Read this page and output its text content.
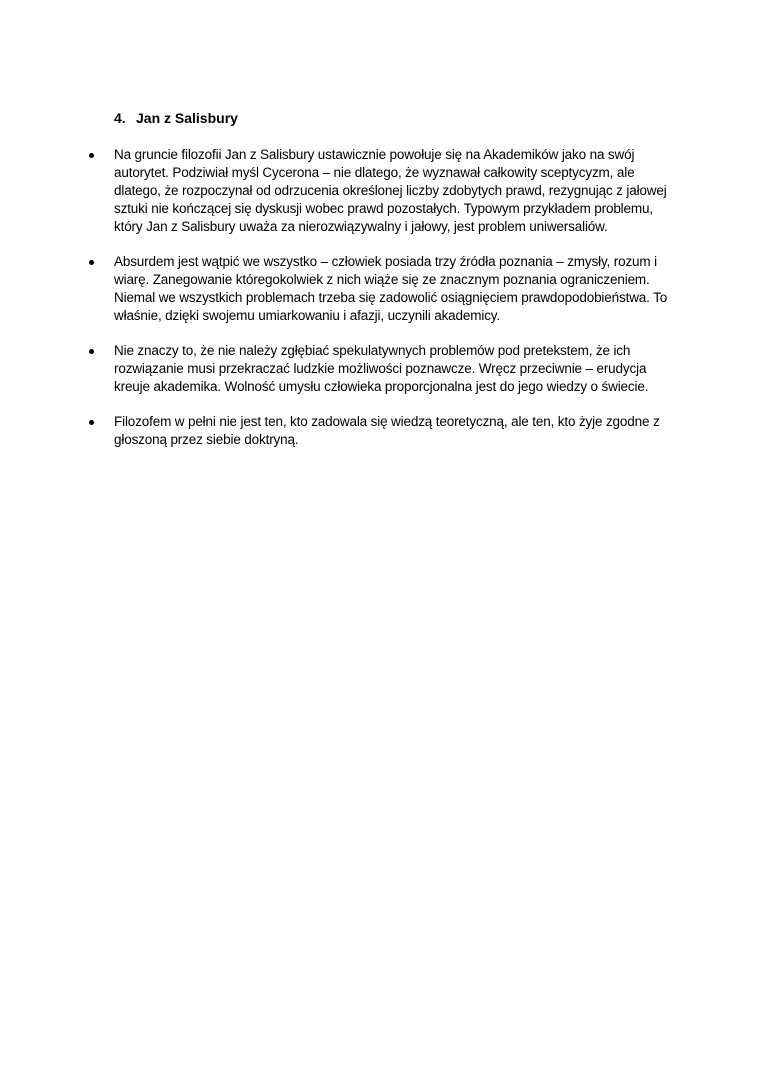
4. Jan z Salisbury
Na gruncie filozofii Jan z Salisbury ustawicznie powołuje się na Akademików jako na swój autorytet. Podziwiał myśl Cycerona – nie dlatego, że wyznawał całkowity sceptycyzm, ale dlatego, że rozpoczynał od odrzucenia określonej liczby zdobytych prawd, rezygnując z jałowej sztuki nie kończącej się dyskusji wobec prawd pozostałych. Typowym przykładem problemu, który Jan z Salisbury uważa za nierozwiązywalny i jałowy, jest problem uniwersaliów.
Absurdem jest wątpić we wszystko – człowiek posiada trzy źródła poznania – zmysły, rozum i wiarę. Zanegowanie któregokolwiek z nich wiąże się ze znacznym poznania ograniczeniem. Niemal we wszystkich problemach trzeba się zadowolić osiągnięciem prawdopodobieństwa. To właśnie, dzięki swojemu umiarkowaniu i afazji, uczynili akademicy.
Nie znaczy to, że nie należy zgłębiać spekulatywnych problemów pod pretekstem, że ich rozwiązanie musi przekraczać ludzkie możliwości poznawcze. Wręcz przeciwnie – erudycja kreuje akademika. Wolność umysłu człowieka proporcjonalna jest do jego wiedzy o świecie.
Filozofem w pełni nie jest ten, kto zadowala się wiedzą teoretyczną, ale ten, kto żyje zgodne z głoszoną przez siebie doktryną.
